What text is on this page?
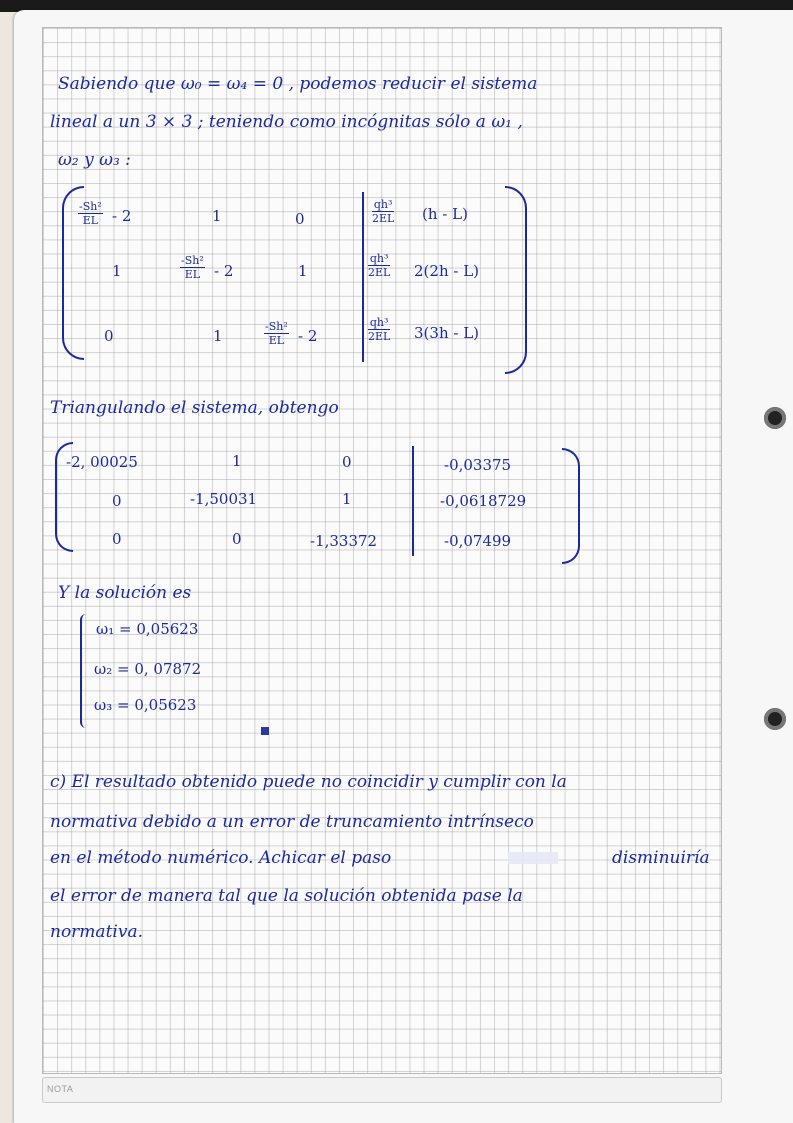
Sabiendo que ω₀ = ω₄ = 0 , podemos reducir el sistema
lineal a un 3 × 3 ; teniendo como incógnitas sólo a ω₁ ,
ω₂ y ω₃ :
$\frac{\text{-Sh²}}{EL} - 2$	1	0	$\frac{\text{qh³}}{2EL} (h - L)$
1	$\frac{\text{-Sh²}}{EL} - 2$	1	$\frac{\text{qh³}}{2EL} 2(2h - L)$
0	1	$\frac{\text{-Sh²}}{EL} - 2$	$\frac{\text{qh³}}{2EL} 3(3h - L)$
Triangulando el sistema, obtengo
-2, 00025	1	0	-0,03375
0	-1,50031	1	-0,0618729
0	0	-1,33372	-0,07499
Y la solución es
ω₁ = 0,05623
ω₂ = 0, 07872
ω₃ = 0,05623
c) El resultado obtenido puede no coincidir y cumplir con la
normativa debido a un error de truncamiento intrínseco
en el método numérico. Achicar el paso	disminuiría
el error de manera tal que la solución obtenida pase la
normativa.
NOTA
